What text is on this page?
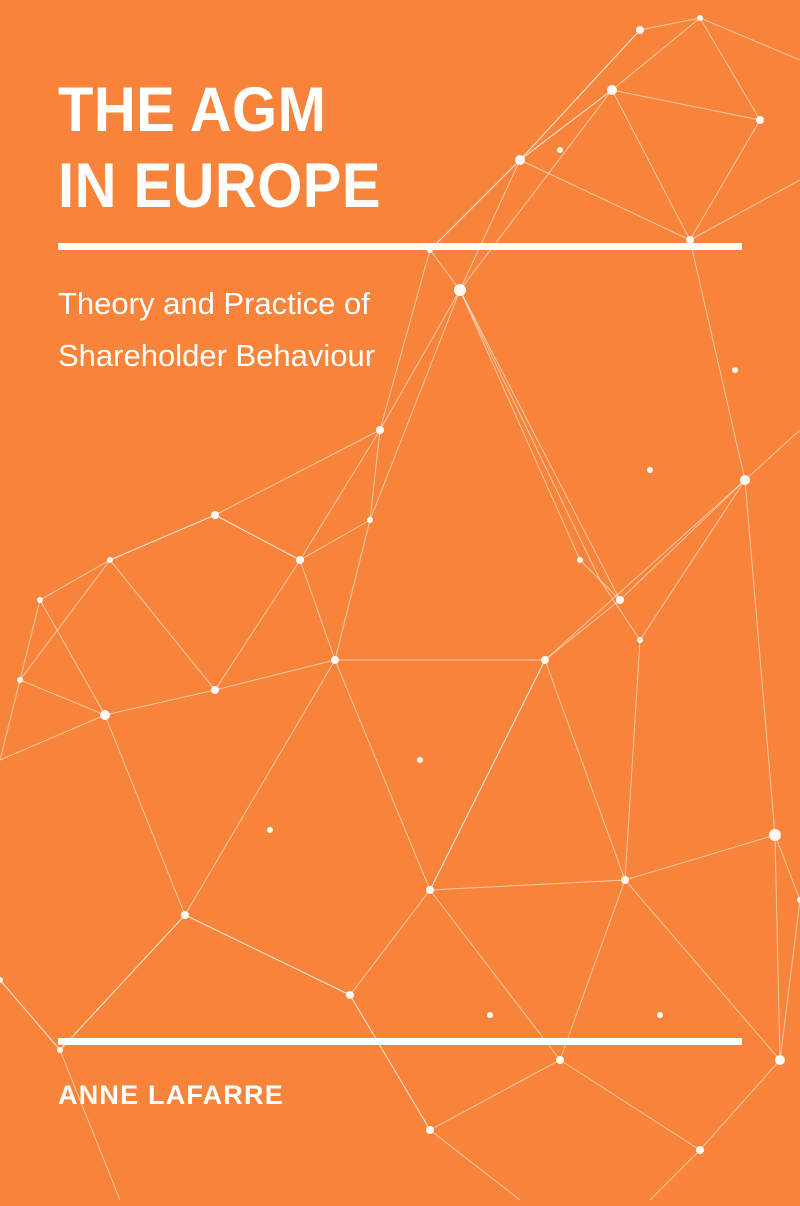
THE AGM
IN EUROPE
Theory and Practice of
Shareholder Behaviour
ANNE LAFARRE
